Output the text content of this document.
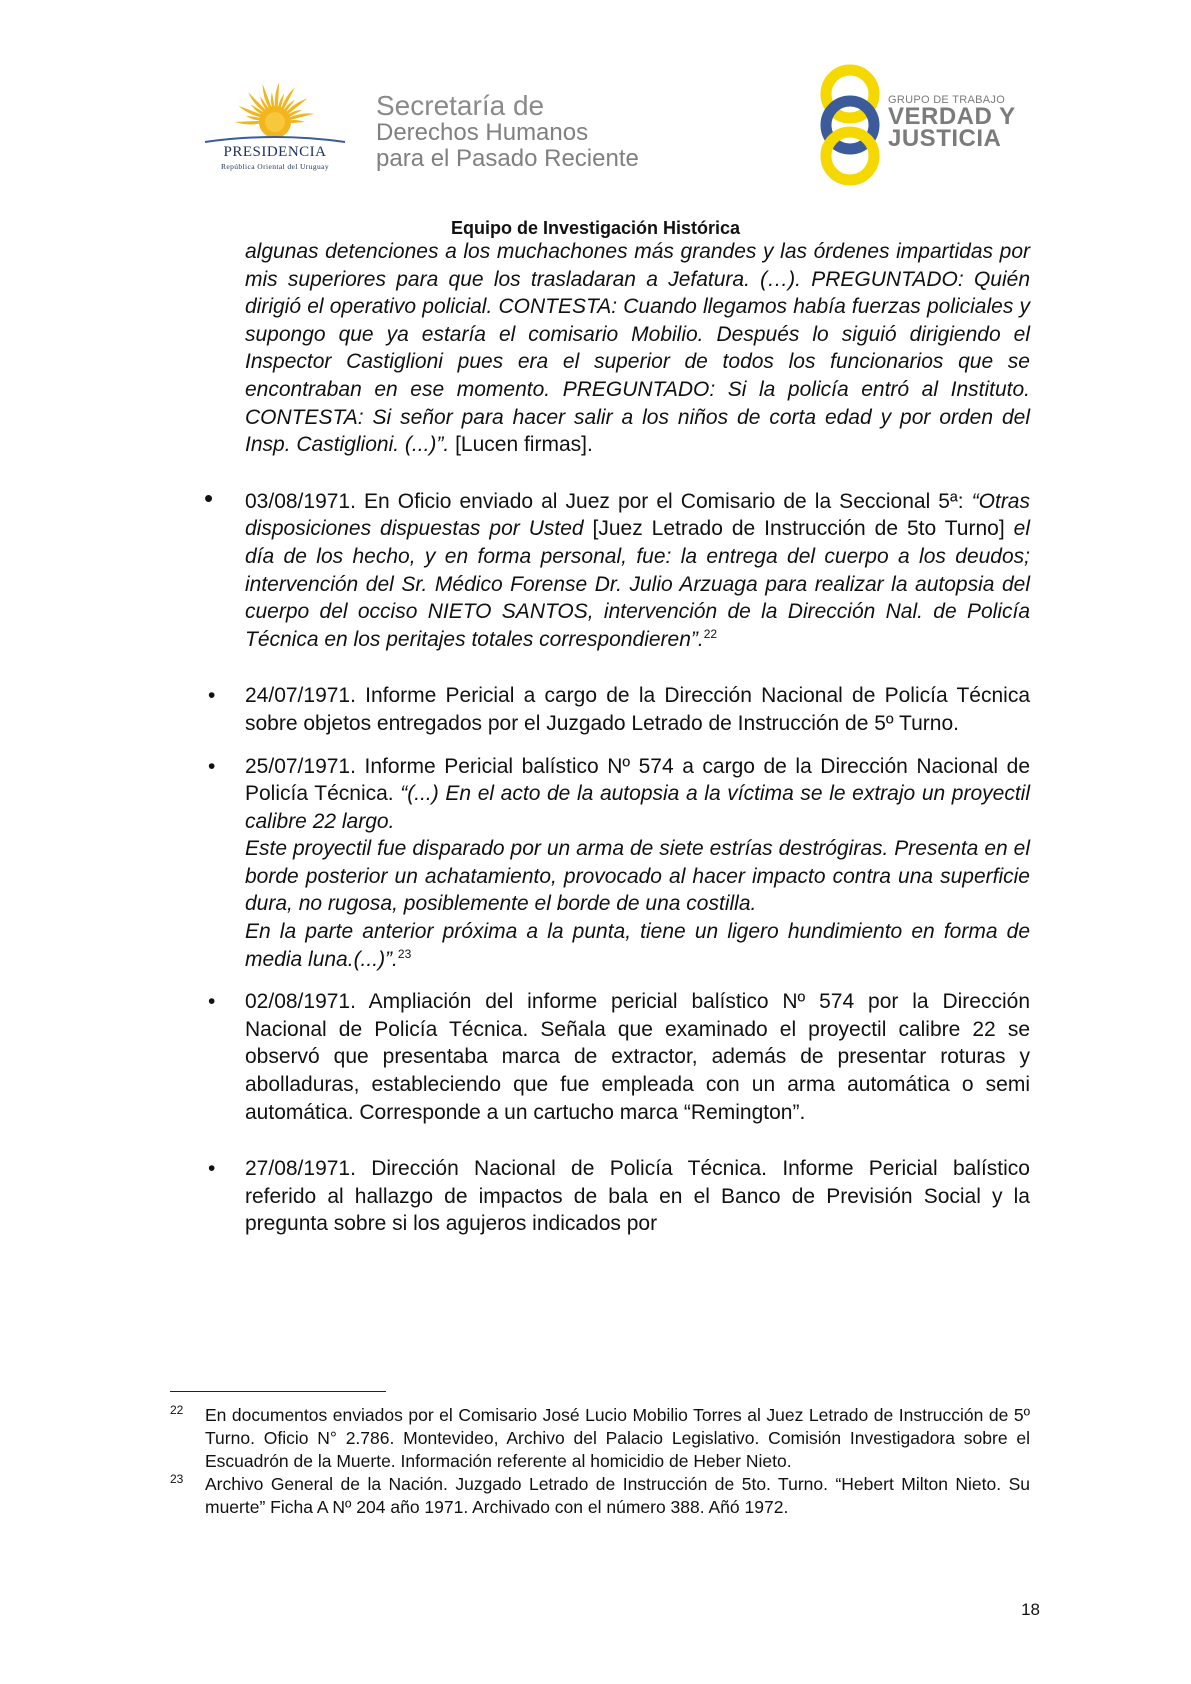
PRESIDENCIA
República Oriental del Uruguay
Secretaría de
Derechos Humanos
para el Pasado Reciente
GRUPO DE TRABAJO
VERDAD Y
JUSTICIA
Equipo de Investigación Histórica
algunas detenciones a los muchachones más grandes y las órdenes impartidas por mis superiores para que los trasladaran a Jefatura. (…). PREGUNTADO: Quién dirigió el operativo policial. CONTESTA: Cuando llegamos había fuerzas policiales y supongo que ya estaría el comisario Mobilio. Después lo siguió dirigiendo el Inspector Castiglioni pues era el superior de todos los funcionarios que se encontraban en ese momento. PREGUNTADO: Si la policía entró al Instituto. CONTESTA: Si señor para hacer salir a los niños de corta edad y por orden del Insp. Castiglioni. (...)”. [Lucen firmas].
• 03/08/1971. En Oficio enviado al Juez por el Comisario de la Seccional 5ª: “Otras disposiciones dispuestas por Usted [Juez Letrado de Instrucción de 5to Turno] el día de los hecho, y en forma personal, fue: la entrega del cuerpo a los deudos; intervención del Sr. Médico Forense Dr. Julio Arzuaga para realizar la autopsia del cuerpo del occiso NIETO SANTOS, intervención de la Dirección Nal. de Policía Técnica en los peritajes totales correspondieren”.$^{22}$
• 24/07/1971. Informe Pericial a cargo de la Dirección Nacional de Policía Técnica sobre objetos entregados por el Juzgado Letrado de Instrucción de 5º Turno.
• 25/07/1971. Informe Pericial balístico Nº 574 a cargo de la Dirección Nacional de Policía Técnica. “(...) En el acto de la autopsia a la víctima se le extrajo un proyectil calibre 22 largo.
Este proyectil fue disparado por un arma de siete estrías destrógiras. Presenta en el borde posterior un achatamiento, provocado al hacer impacto contra una superficie dura, no rugosa, posiblemente el borde de una costilla.
En la parte anterior próxima a la punta, tiene un ligero hundimiento en forma de media luna.(...)”.$^{23}$
• 02/08/1971. Ampliación del informe pericial balístico Nº 574 por la Dirección Nacional de Policía Técnica. Señala que examinado el proyectil calibre 22 se observó que presentaba marca de extractor, además de presentar roturas y abolladuras, estableciendo que fue empleada con un arma automática o semi automática. Corresponde a un cartucho marca “Remington”.
• 27/08/1971. Dirección Nacional de Policía Técnica. Informe Pericial balístico referido al hallazgo de impactos de bala en el Banco de Previsión Social y la pregunta sobre si los agujeros indicados por
22 En documentos enviados por el Comisario José Lucio Mobilio Torres al Juez Letrado de Instrucción de 5º Turno. Oficio N° 2.786. Montevideo, Archivo del Palacio Legislativo. Comisión Investigadora sobre el Escuadrón de la Muerte. Información referente al homicidio de Heber Nieto.
23 Archivo General de la Nación. Juzgado Letrado de Instrucción de 5to. Turno. “Hebert Milton Nieto. Su muerte” Ficha A Nº 204 año 1971. Archivado con el número 388. Añó 1972.
18
